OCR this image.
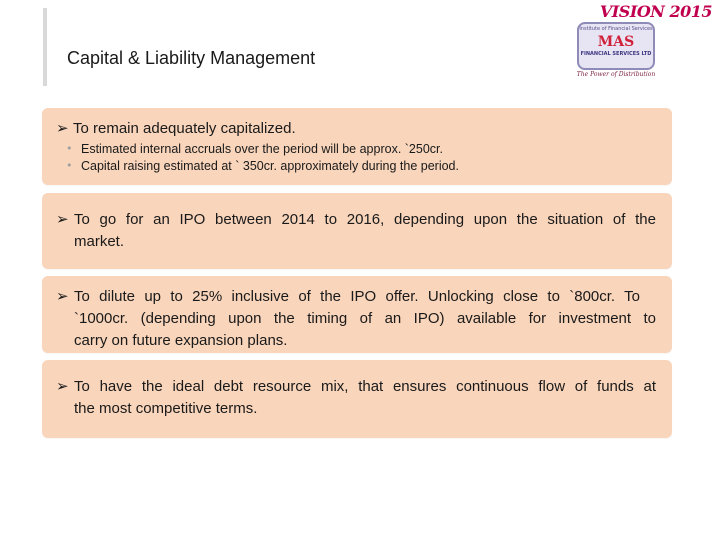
VISION 2015
Capital & Liability Management
Institute of Financial Services
MAS
FINANCIAL SERVICES LTD
The Power of Distribution
➢ To remain adequately capitalized.
• Estimated internal accruals over the period will be approx. `250cr.
• Capital raising estimated at ` 350cr. approximately during the period.
➢ To go for an IPO between 2014 to 2016, depending upon the situation of the
market.
➢ To dilute up to 25% inclusive of the IPO offer. Unlocking close to `800cr. To
`1000cr. (depending upon the timing of an IPO) available for investment to
carry on future expansion plans.
➢ To have the ideal debt resource mix, that ensures continuous flow of funds at
the most competitive terms.
